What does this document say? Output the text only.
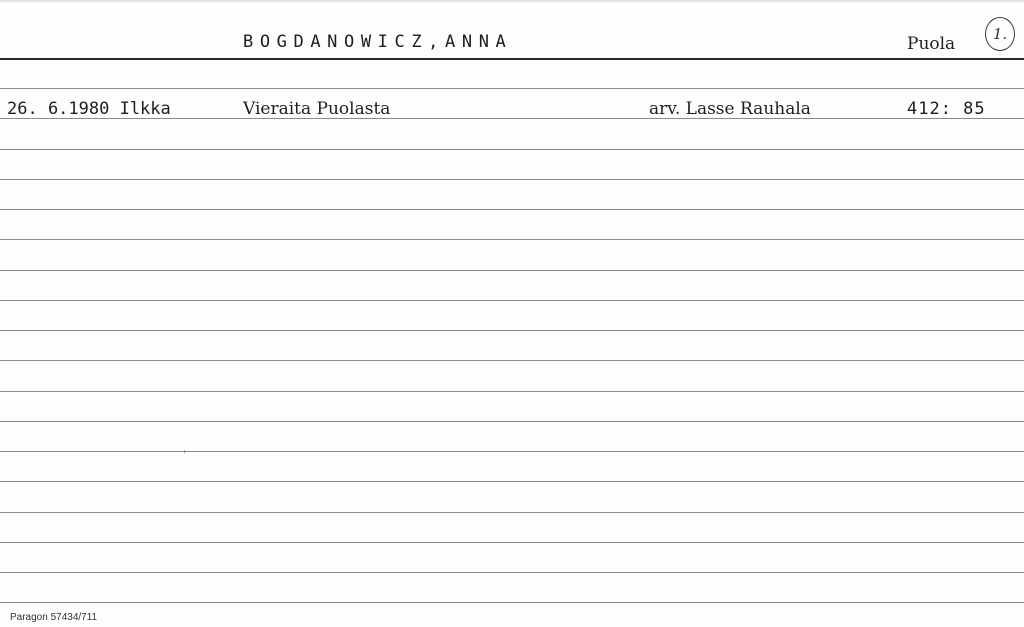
BOGDANOWICZ,ANNA	Puola	1.
26. 6.1980 Ilkka	Vieraita Puolasta	arv. Lasse Rauhala	412: 85
Paragon 57434/711
